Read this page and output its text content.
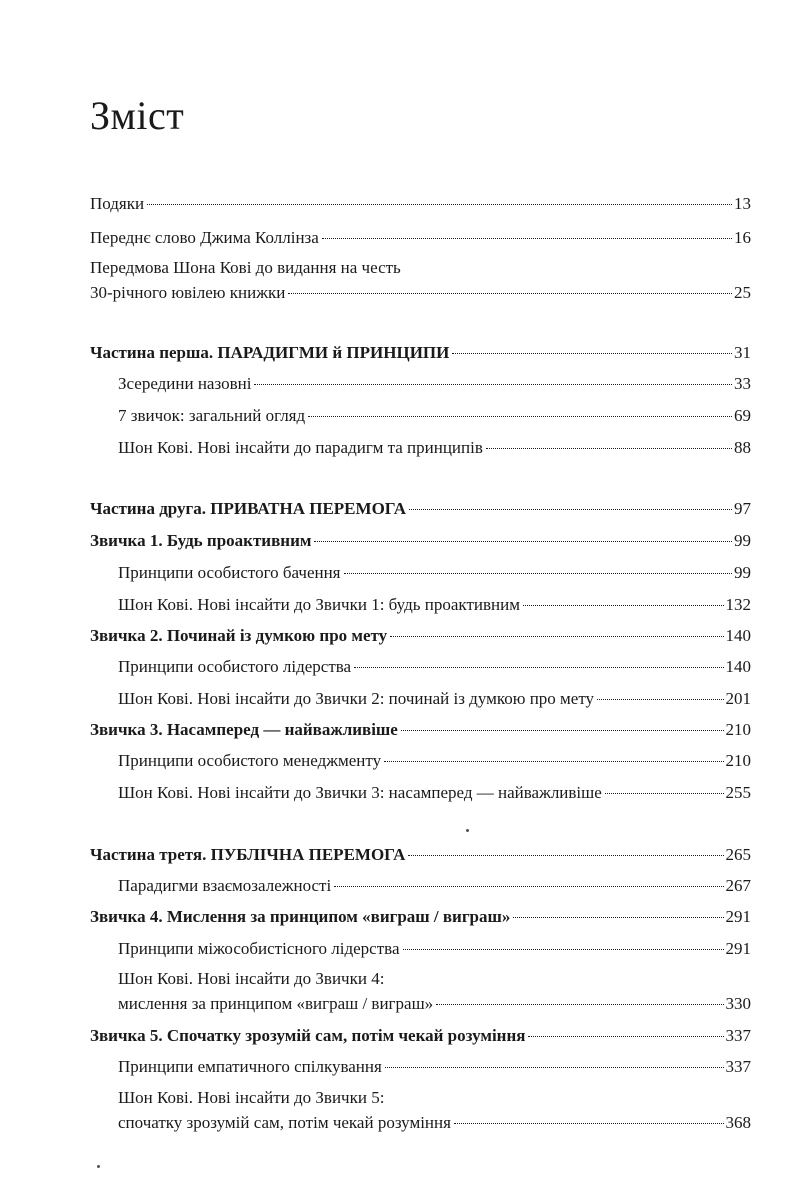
Зміст
Подяки	13
Переднє слово Джима Коллінза	16
Передмова Шона Кові до видання на честь
30-річного ювілею книжки	25
Частина перша. ПАРАДИГМИ й ПРИНЦИПИ	31
Зсередини назовні	33
7 звичок: загальний огляд	69
Шон Кові. Нові інсайти до парадигм та принципів	88
Частина друга. ПРИВАТНА ПЕРЕМОГА	97
Звичка 1. Будь проактивним	99
Принципи особистого бачення	99
Шон Кові. Нові інсайти до Звички 1: будь проактивним	132
Звичка 2. Починай із думкою про мету	140
Принципи особистого лідерства	140
Шон Кові. Нові інсайти до Звички 2: починай із думкою про мету	201
Звичка 3. Насамперед — найважливіше	210
Принципи особистого менеджменту	210
Шон Кові. Нові інсайти до Звички 3: насамперед — найважливіше	255
Частина третя. ПУБЛІЧНА ПЕРЕМОГА	265
Парадигми взаємозалежності	267
Звичка 4. Мислення за принципом «виграш / виграш»	291
Принципи міжособистісного лідерства	291
Шон Кові. Нові інсайти до Звички 4:
мислення за принципом «виграш / виграш»	330
Звичка 5. Спочатку зрозумій сам, потім чекай розуміння	337
Принципи емпатичного спілкування	337
Шон Кові. Нові інсайти до Звички 5:
спочатку зрозумій сам, потім чекай розуміння	368
